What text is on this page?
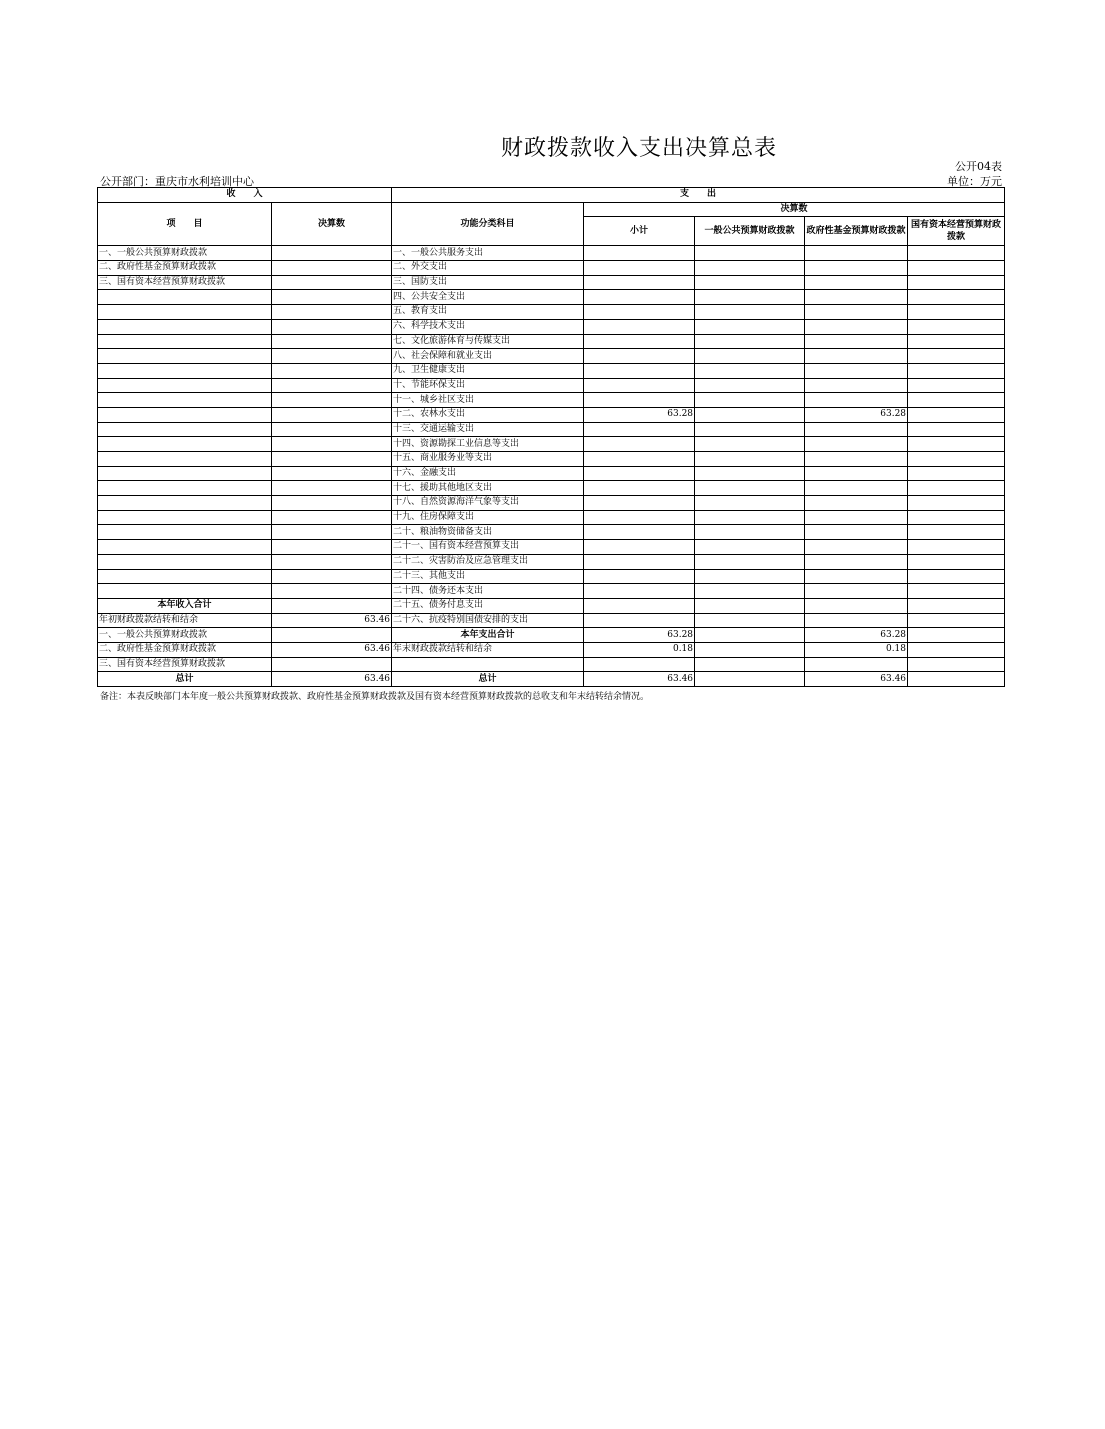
财政拨款收入支出决算总表
公开04表
公开部门：重庆市水利培训中心	单位：万元
收　　入		支　　出				
项　　目	决算数	功能分类科目	决算数			
			小计	一般公共预算财政拨款	政府性基金预算财政拨款	国有资本经营预算财政拨款
一、一般公共预算财政拨款		一、一般公共服务支出				
二、政府性基金预算财政拨款		二、外交支出				
三、国有资本经营预算财政拨款		三、国防支出				
		四、公共安全支出				
		五、教育支出				
		六、科学技术支出				
		七、文化旅游体育与传媒支出				
		八、社会保障和就业支出				
		九、卫生健康支出				
		十、节能环保支出				
		十一、城乡社区支出				
		十二、农林水支出	63.28		63.28	
		十三、交通运输支出				
		十四、资源勘探工业信息等支出				
		十五、商业服务业等支出				
		十六、金融支出				
		十七、援助其他地区支出				
		十八、自然资源海洋气象等支出				
		十九、住房保障支出				
		二十、粮油物资储备支出				
		二十一、国有资本经营预算支出				
		二十二、灾害防治及应急管理支出				
		二十三、其他支出				
		二十四、债务还本支出				
本年收入合计		二十五、债务付息支出				
年初财政拨款结转和结余	63.46	二十六、抗疫特别国债安排的支出				
一、一般公共预算财政拨款		本年支出合计	63.28		63.28	
二、政府性基金预算财政拨款	63.46	年末财政拨款结转和结余	0.18		0.18	
三、国有资本经营预算财政拨款						
总计	63.46	总计	63.46		63.46	
备注：本表反映部门本年度一般公共预算财政拨款、政府性基金预算财政拨款及国有资本经营预算财政拨款的总收支和年末结转结余情况。
